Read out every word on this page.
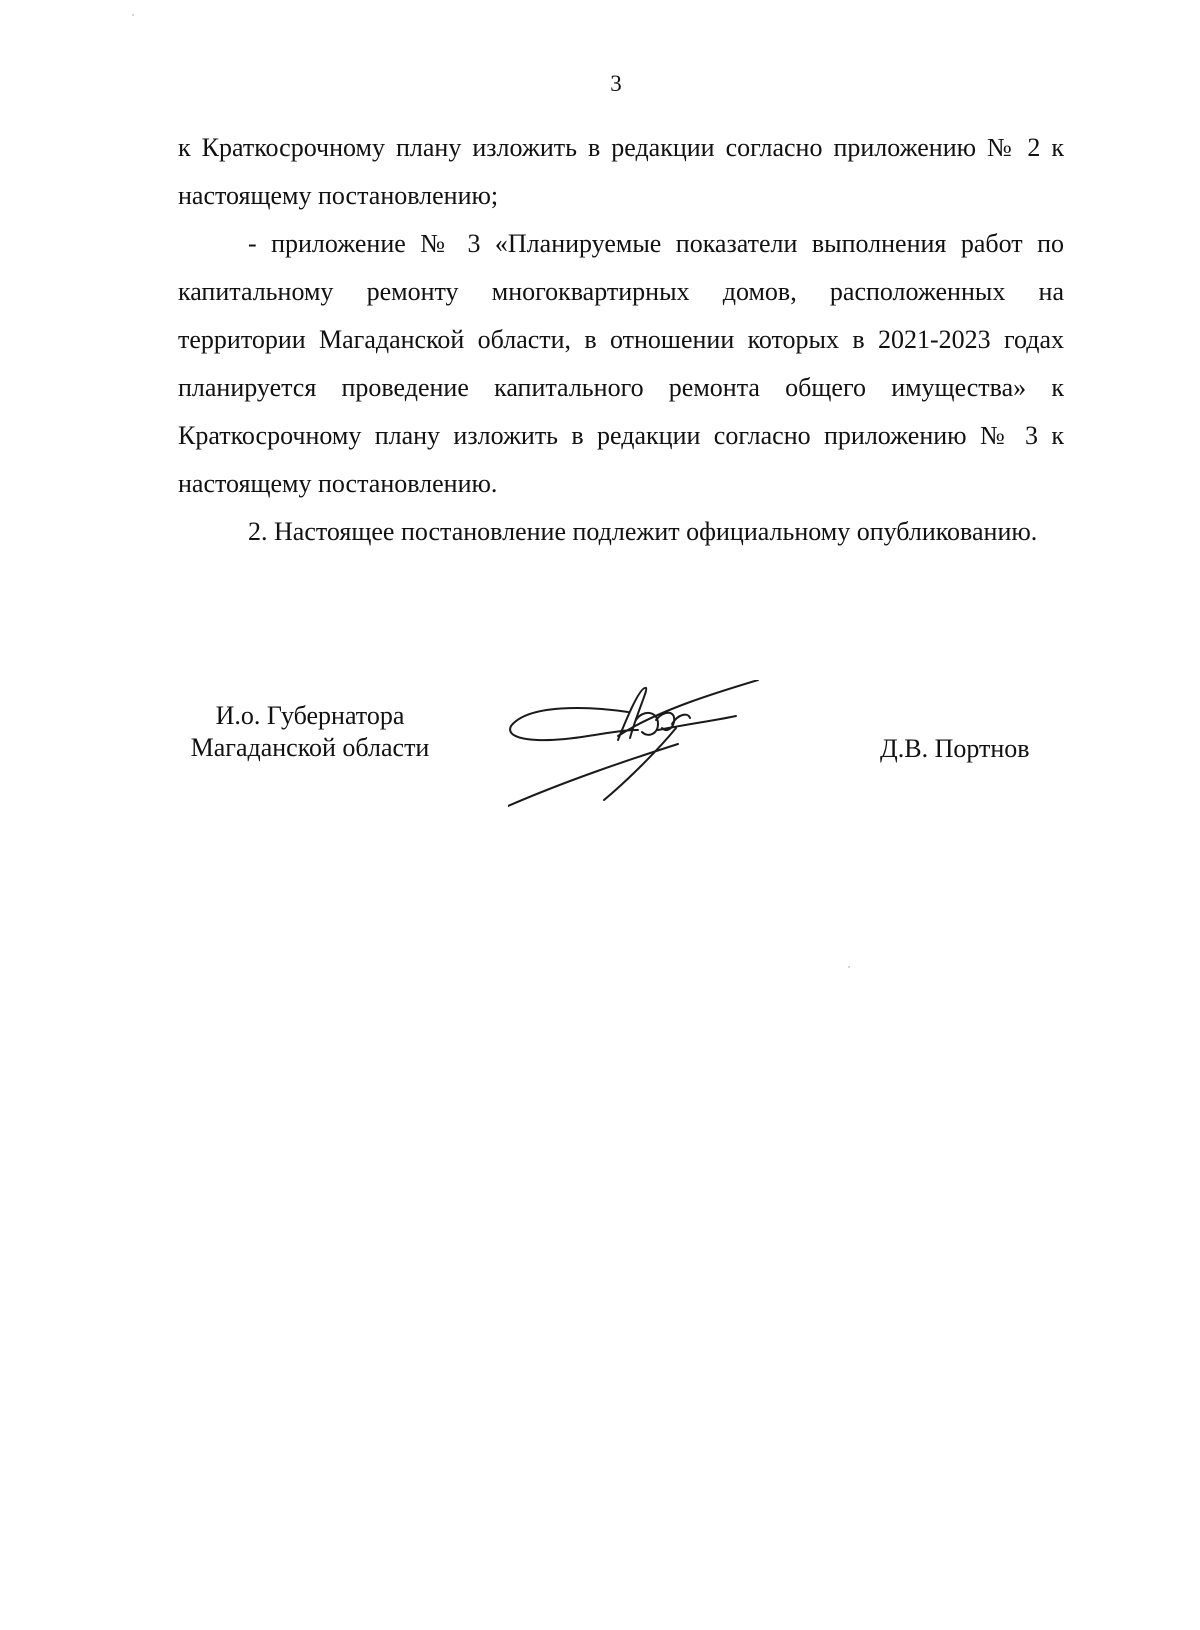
3

к Краткосрочному плану изложить в редакции согласно приложению № 2 к настоящему постановлению;

- приложение № 3 «Планируемые показатели выполнения работ по капитальному ремонту многоквартирных домов, расположенных на территории Магаданской области, в отношении которых в 2021-2023 годах планируется проведение капитального ремонта общего имущества» к Краткосрочному плану изложить в редакции согласно приложению № 3 к настоящему постановлению.

2. Настоящее постановление подлежит официальному опубликованию.

И.о. Губернатора
Магаданской области	Д.В. Портнов
